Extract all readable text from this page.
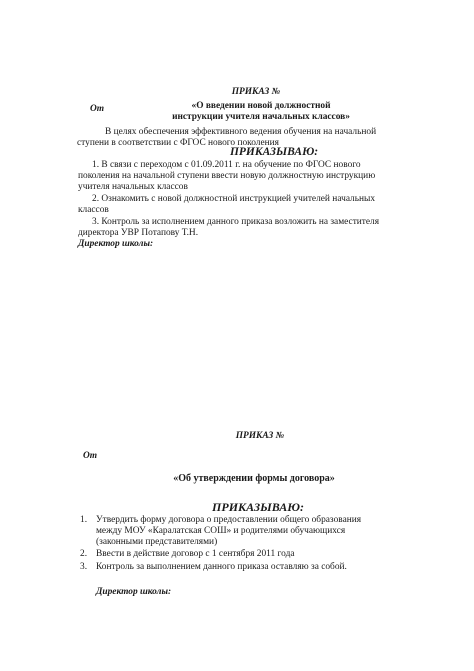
ПРИКАЗ №
От	«О введении новой должностной
инструкции учителя начальных классов»
В целях обеспечения эффективного ведения обучения на начальной
ступени в соответствии с ФГОС нового поколения
ПРИКАЗЫВАЮ:
1. В связи с переходом с 01.09.2011 г. на обучение по ФГОС нового
поколения на начальной ступени ввести новую должностную инструкцию
учителя начальных классов
2. Ознакомить с новой должностной инструкцией учителей начальных
классов
3. Контроль за исполнением данного приказа возложить на заместителя
директора УВР Потапову Т.Н.
Директор школы:
ПРИКАЗ №
От
«Об утверждении формы договора»
ПРИКАЗЫВАЮ:
1. Утвердить форму договора о предоставлении общего образования
между МОУ «Каралатская СОШ» и родителями обучающихся
(законными представителями)
2. Ввести в действие договор с 1 сентября 2011 года
3. Контроль за выполнением данного приказа оставляю за собой.
Директор школы:
